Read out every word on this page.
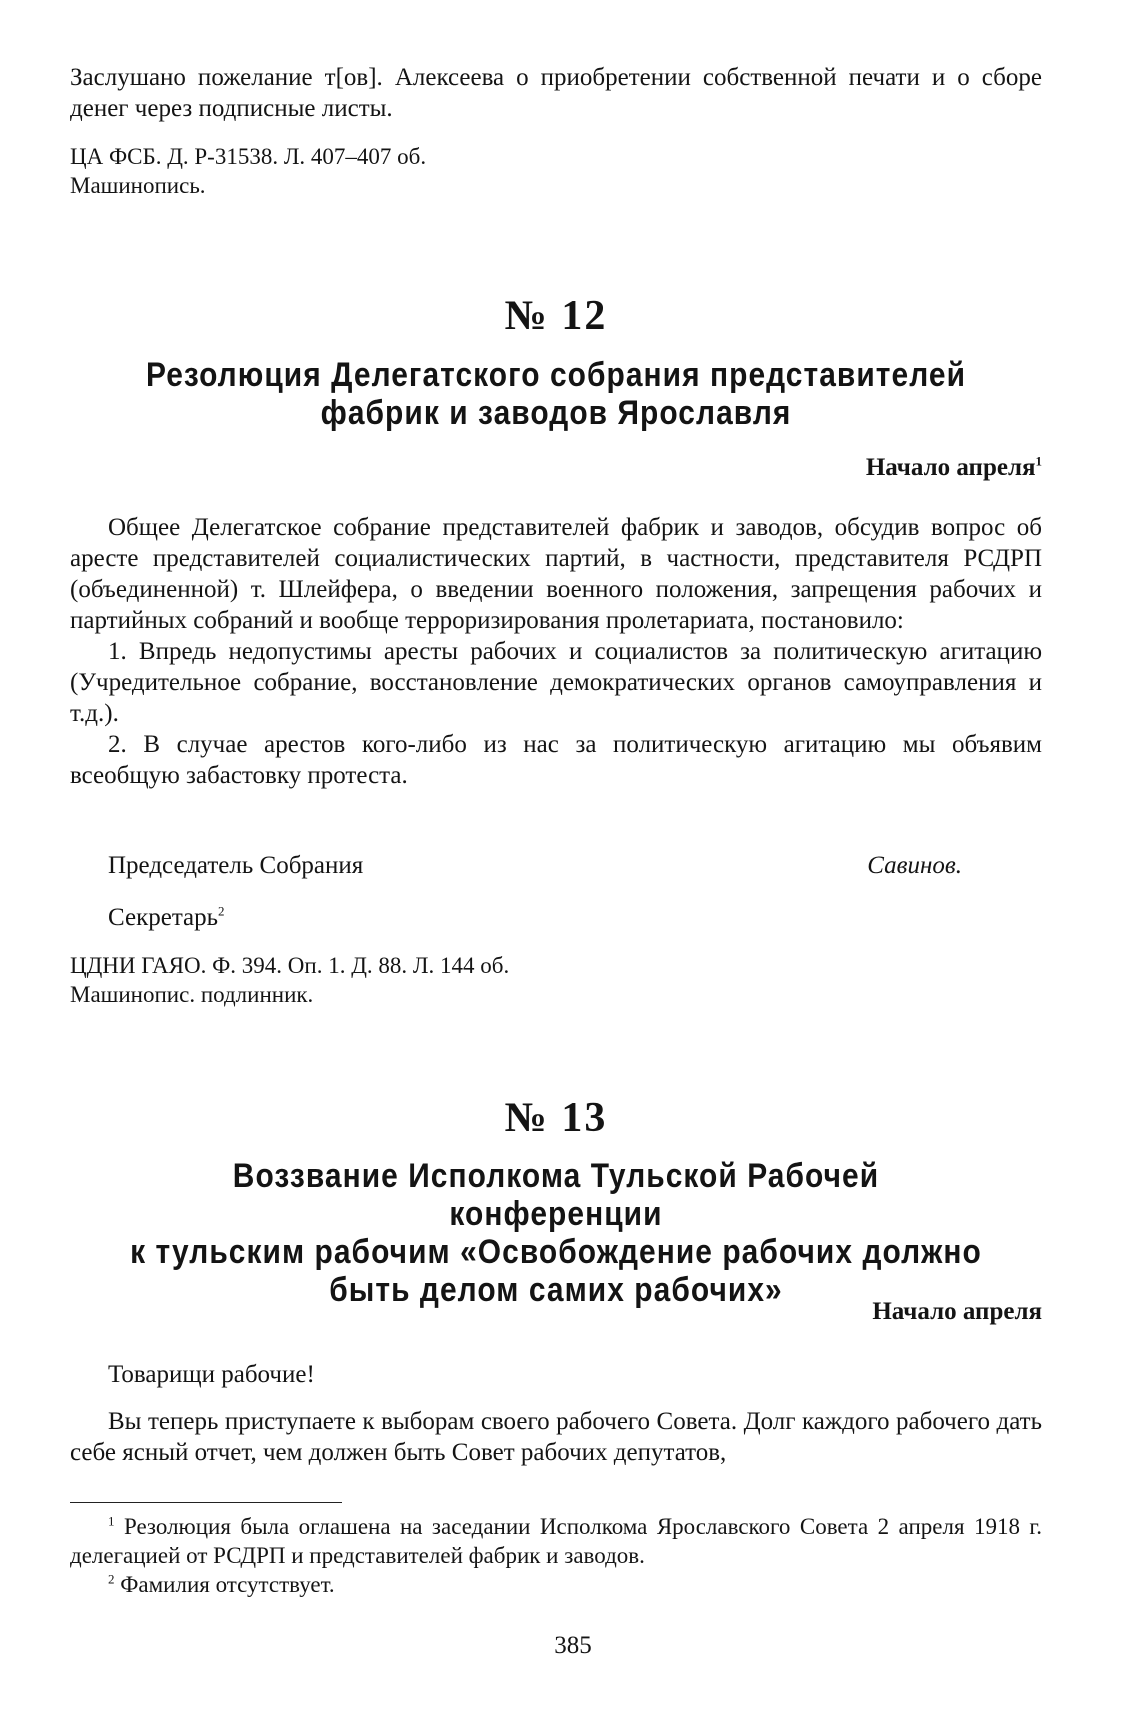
Заслушано пожелание т[ов]. Алексеева о приобретении собственной печати и о сборе денег через подписные листы.

ЦА ФСБ. Д. Р-31538. Л. 407–407 об.

Машинопись.

№ 12
Резолюция Делегатского собрания представителей
фабрик и заводов Ярославля
Начало апреля$^1$

Общее Делегатское собрание представителей фабрик и заводов, обсудив вопрос об аресте представителей социалистических партий, в частности, представителя РСДРП (объединенной) т. Шлейфера, о введении военного положения, запрещения рабочих и партийных собраний и вообще терроризирования пролетариата, постановило:

1. Впредь недопустимы аресты рабочих и социалистов за политическую агитацию (Учредительное собрание, восстановление демократических органов самоуправления и т.д.).

2. В случае арестов кого-либо из нас за политическую агитацию мы объявим всеобщую забастовку протеста.

Председатель Собрания	Савинов.
Секретарь$^2$

ЦДНИ ГАЯО. Ф. 394. Оп. 1. Д. 88. Л. 144 об.

Машинопис. подлинник.

№ 13
Воззвание Исполкома Тульской Рабочей конференции
к тульским рабочим «Освобождение рабочих должно
быть делом самих рабочих»
Начало апреля

Товарищи рабочие!

Вы теперь приступаете к выборам своего рабочего Совета. Долг каждого рабочего дать себе ясный отчет, чем должен быть Совет рабочих депутатов,

$^1$ Резолюция была оглашена на заседании Исполкома Ярославского Совета 2 апреля 1918 г. делегацией от РСДРП и представителей фабрик и заводов.

$^2$ Фамилия отсутствует.

385
